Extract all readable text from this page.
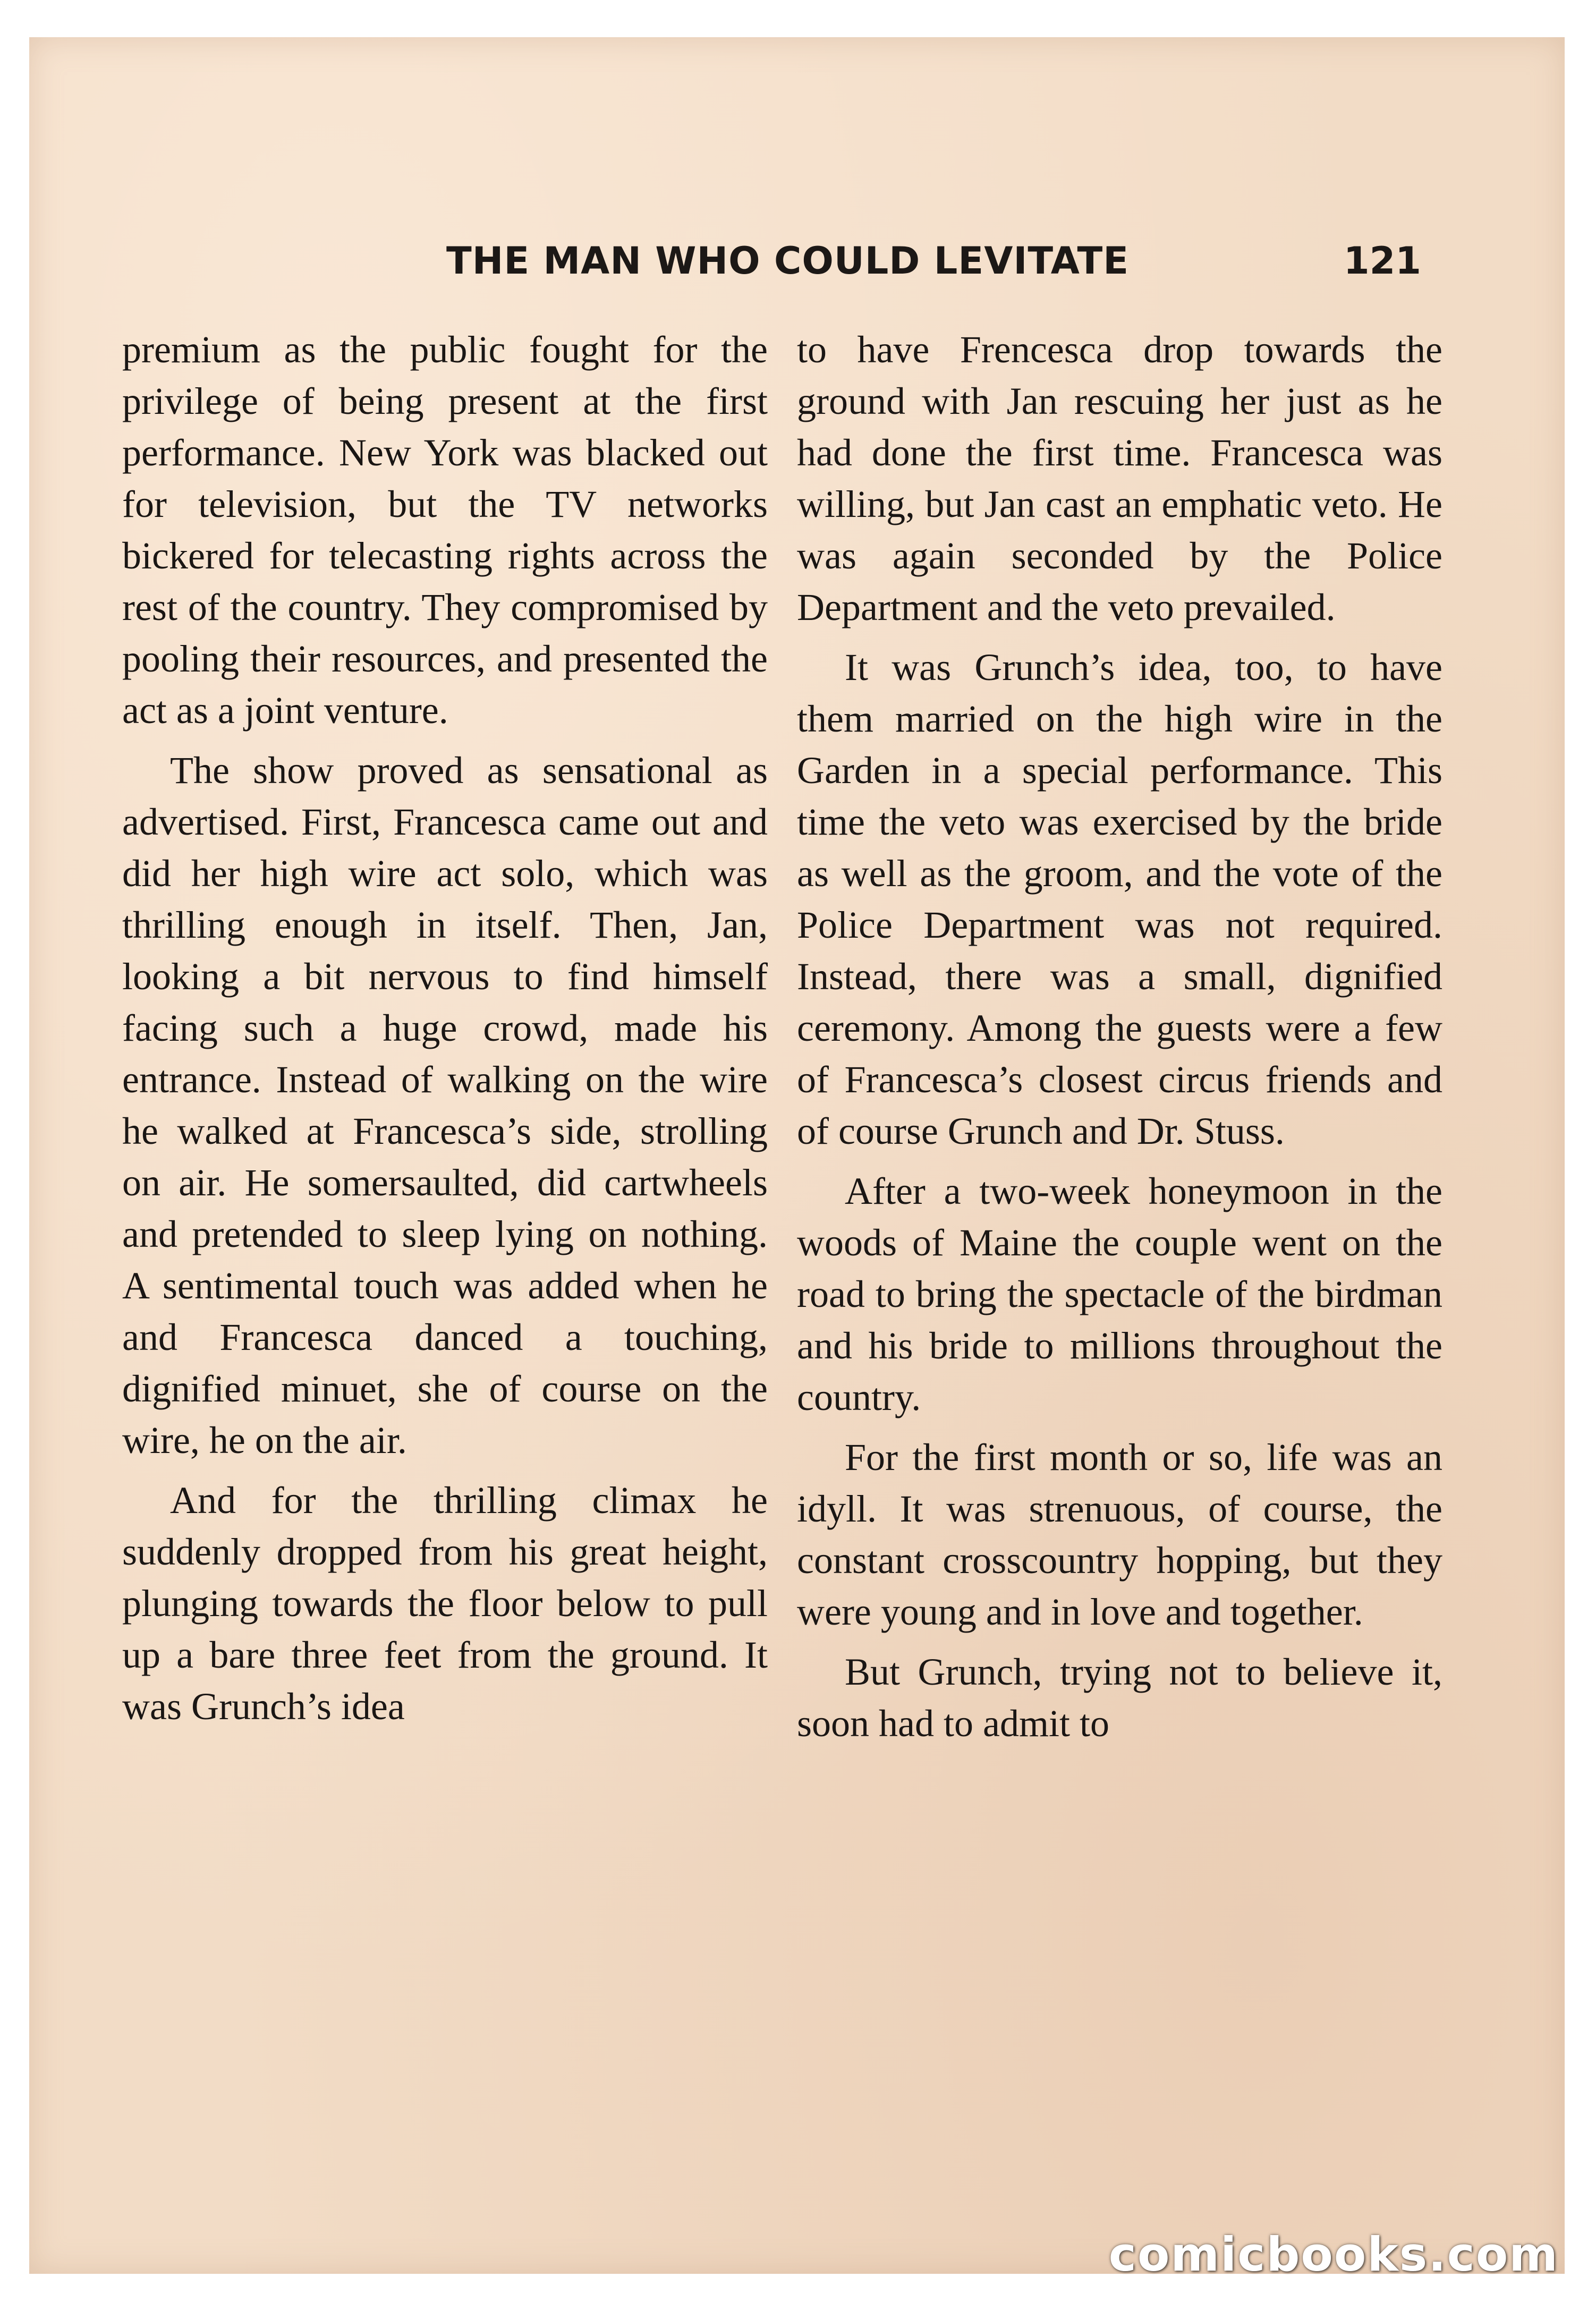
THE MAN WHO COULD LEVITATE	121

premium as the public fought for the privilege of being present at the first performance. New York was blacked out for television, but the TV networks bickered for telecasting rights across the rest of the country. They compromised by pooling their resources, and presented the act as a joint venture.

The show proved as sensational as advertised. First, Francesca came out and did her high wire act solo, which was thrilling enough in itself. Then, Jan, looking a bit nervous to find himself facing such a huge crowd, made his entrance. Instead of walking on the wire he walked at Francesca’s side, strolling on air. He somersaulted, did cartwheels and pretended to sleep lying on nothing. A sentimental touch was added when he and Francesca danced a touching, dignified minuet, she of course on the wire, he on the air.

And for the thrilling climax he suddenly dropped from his great height, plunging towards the floor below to pull up a bare three feet from the ground. It was Grunch’s idea

to have Frencesca drop towards the ground with Jan rescuing her just as he had done the first time. Francesca was willing, but Jan cast an emphatic veto. He was again seconded by the Police Department and the veto prevailed.

It was Grunch’s idea, too, to have them married on the high wire in the Garden in a special performance. This time the veto was exercised by the bride as well as the groom, and the vote of the Police Department was not required. Instead, there was a small, dignified ceremony. Among the guests were a few of Francesca’s closest circus friends and of course Grunch and Dr. Stuss.

After a two-week honeymoon in the woods of Maine the couple went on the road to bring the spectacle of the birdman and his bride to millions throughout the country.

For the first month or so, life was an idyll. It was strenuous, of course, the constant crosscountry hopping, but they were young and in love and together.

But Grunch, trying not to believe it, soon had to admit to

comicbooks.com
